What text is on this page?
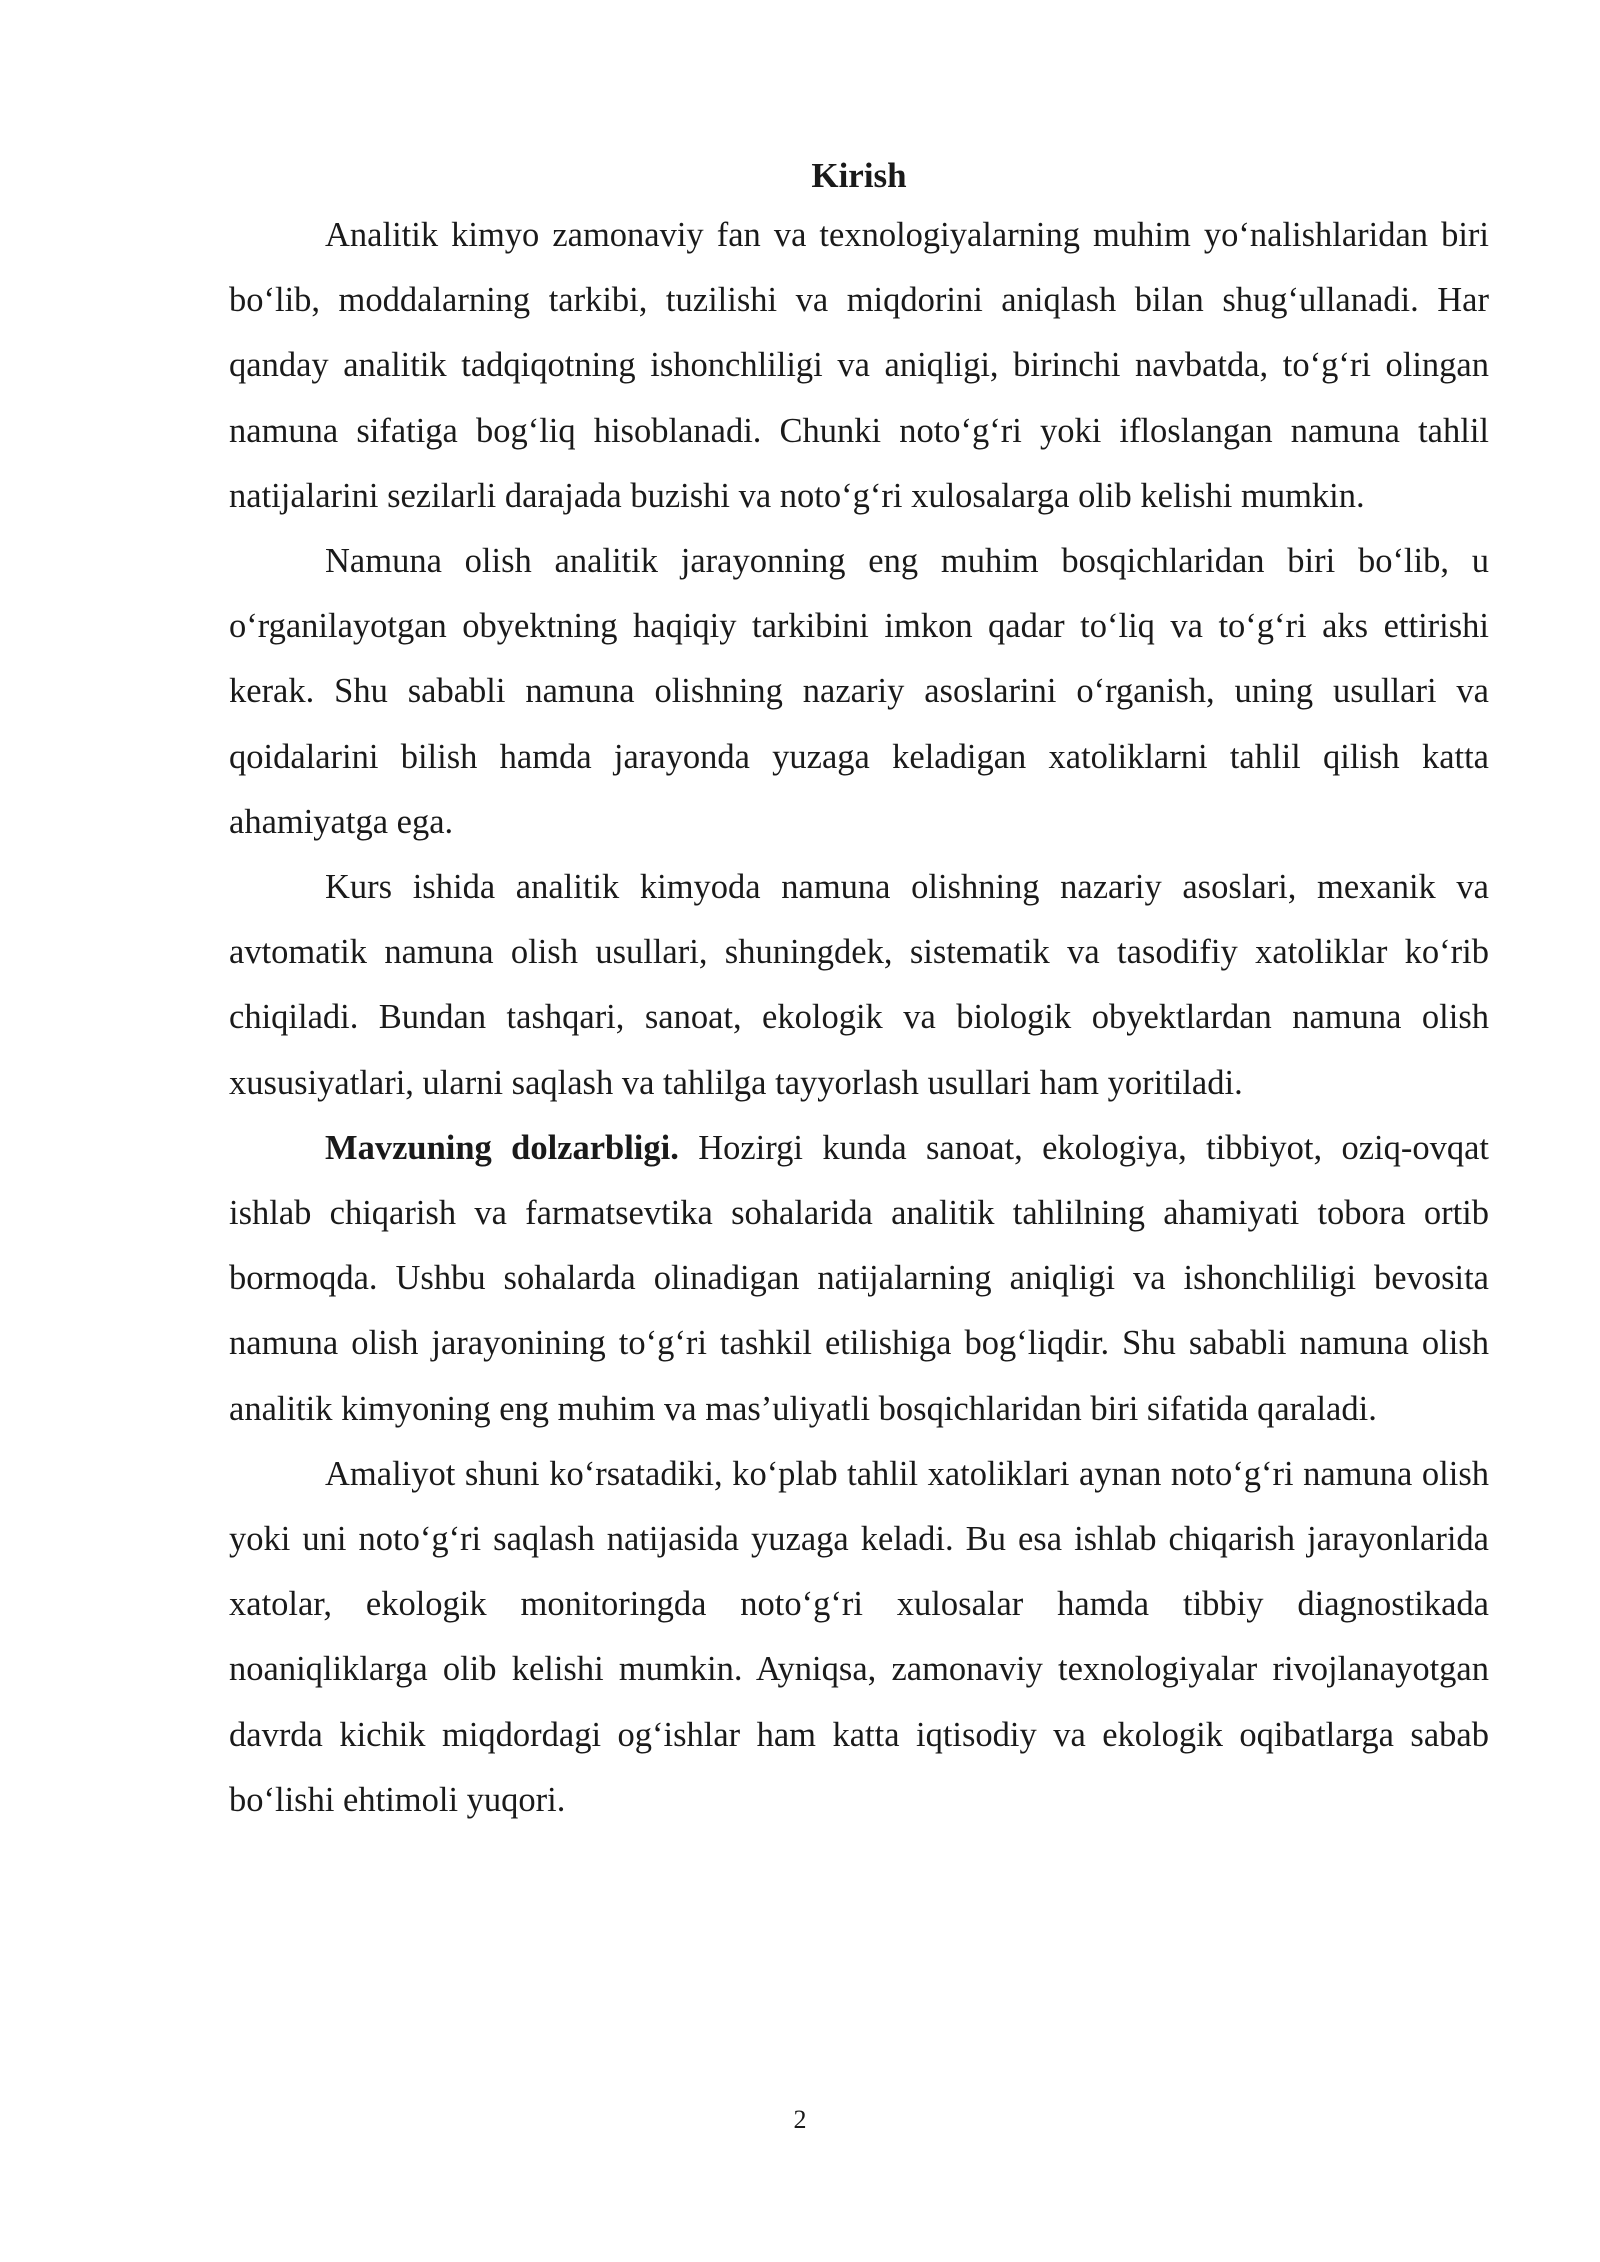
Kirish

Analitik kimyo zamonaviy fan va texnologiyalarning muhim yoʻnalishlaridan biri boʻlib, moddalarning tarkibi, tuzilishi va miqdorini aniqlash bilan shugʻullanadi. Har qanday analitik tadqiqotning ishonchliligi va aniqligi, birinchi navbatda, toʻgʻri olingan namuna sifatiga bogʻliq hisoblanadi. Chunki notoʻgʻri yoki ifloslangan namuna tahlil natijalarini sezilarli darajada buzishi va notoʻgʻri xulosalarga olib kelishi mumkin.

Namuna olish analitik jarayonning eng muhim bosqichlaridan biri boʻlib, u oʻrganilayotgan obyektning haqiqiy tarkibini imkon qadar toʻliq va toʻgʻri aks ettirishi kerak. Shu sababli namuna olishning nazariy asoslarini oʻrganish, uning usullari va qoidalarini bilish hamda jarayonda yuzaga keladigan xatoliklarni tahlil qilish katta ahamiyatga ega.

Kurs ishida analitik kimyoda namuna olishning nazariy asoslari, mexanik va avtomatik namuna olish usullari, shuningdek, sistematik va tasodifiy xatoliklar koʻrib chiqiladi. Bundan tashqari, sanoat, ekologik va biologik obyektlardan namuna olish xususiyatlari, ularni saqlash va tahlilga tayyorlash usullari ham yoritiladi.

Mavzuning dolzarbligi. Hozirgi kunda sanoat, ekologiya, tibbiyot, oziq-ovqat ishlab chiqarish va farmatsevtika sohalarida analitik tahlilning ahamiyati tobora ortib bormoqda. Ushbu sohalarda olinadigan natijalarning aniqligi va ishonchliligi bevosita namuna olish jarayonining toʻgʻri tashkil etilishiga bogʻliqdir. Shu sababli namuna olish analitik kimyoning eng muhim va mas’uliyatli bosqichlaridan biri sifatida qaraladi.

Amaliyot shuni koʻrsatadiki, koʻplab tahlil xatoliklari aynan notoʻgʻri namuna olish yoki uni notoʻgʻri saqlash natijasida yuzaga keladi. Bu esa ishlab chiqarish jarayonlarida xatolar, ekologik monitoringda notoʻgʻri xulosalar hamda tibbiy diagnostikada noaniqliklarga olib kelishi mumkin. Ayniqsa, zamonaviy texnologiyalar rivojlanayotgan davrda kichik miqdordagi ogʻishlar ham katta iqtisodiy va ekologik oqibatlarga sabab boʻlishi ehtimoli yuqori.

2
